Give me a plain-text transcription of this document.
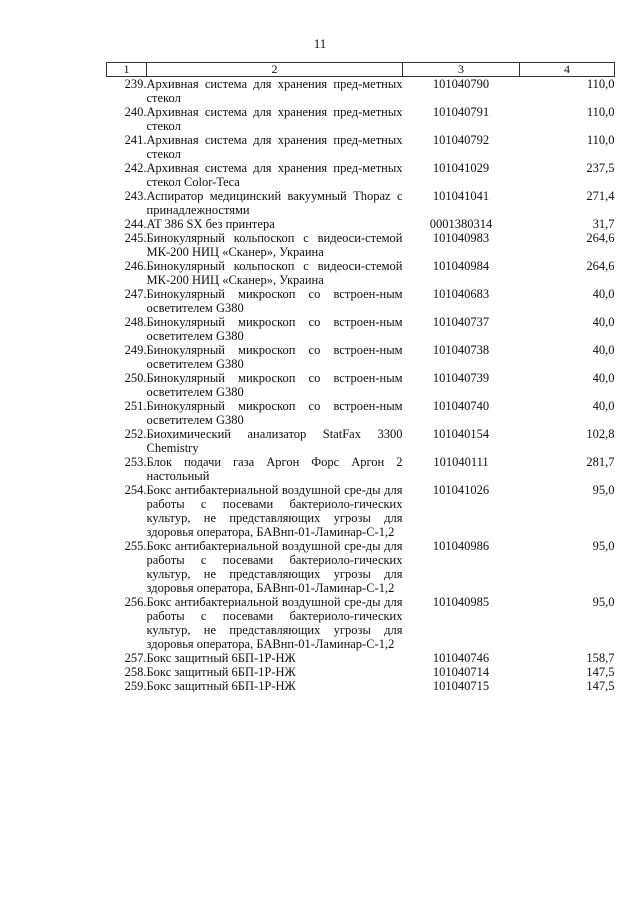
11
1	2	3	4
239.	Архивная система для хранения пред-метных стекол	101040790	110,0
240.	Архивная система для хранения пред-метных стекол	101040791	110,0
241.	Архивная система для хранения пред-метных стекол	101040792	110,0
242.	Архивная система для хранения пред-метных стекол Color-Teca	101041029	237,5
243.	Аспиратор медицинский вакуумный Thopaz с принадлежностями	101041041	271,4
244.	AT 386 SX без принтера	0001380314	31,7
245.	Бинокулярный кольпоскоп с видеоси-стемой МК-200 НИЦ «Сканер», Украина	101040983	264,6
246.	Бинокулярный кольпоскоп с видеоси-стемой МК-200 НИЦ «Сканер», Украина	101040984	264,6
247.	Бинокулярный микроскоп со встроен-ным осветителем G380	101040683	40,0
248.	Бинокулярный микроскоп со встроен-ным осветителем G380	101040737	40,0
249.	Бинокулярный микроскоп со встроен-ным осветителем G380	101040738	40,0
250.	Бинокулярный микроскоп со встроен-ным осветителем G380	101040739	40,0
251.	Бинокулярный микроскоп со встроен-ным осветителем G380	101040740	40,0
252.	Биохимический анализатор StatFax 3300 Chemistry	101040154	102,8
253.	Блок подачи газа Аргон Форс Аргон 2 настольный	101040111	281,7
254.	Бокс антибактериальной воздушной сре-ды для работы с посевами бактериоло-гических культур, не представляющих угрозы для здоровья оператора, БАВнп-01-Ламинар-С-1,2	101041026	95,0
255.	Бокс антибактериальной воздушной сре-ды для работы с посевами бактериоло-гических культур, не представляющих угрозы для здоровья оператора, БАВнп-01-Ламинар-С-1,2	101040986	95,0
256.	Бокс антибактериальной воздушной сре-ды для работы с посевами бактериоло-гических культур, не представляющих угрозы для здоровья оператора, БАВнп-01-Ламинар-С-1,2	101040985	95,0
257.	Бокс защитный 6БП-1Р-НЖ	101040746	158,7
258.	Бокс защитный 6БП-1Р-НЖ	101040714	147,5
259.	Бокс защитный 6БП-1Р-НЖ	101040715	147,5
